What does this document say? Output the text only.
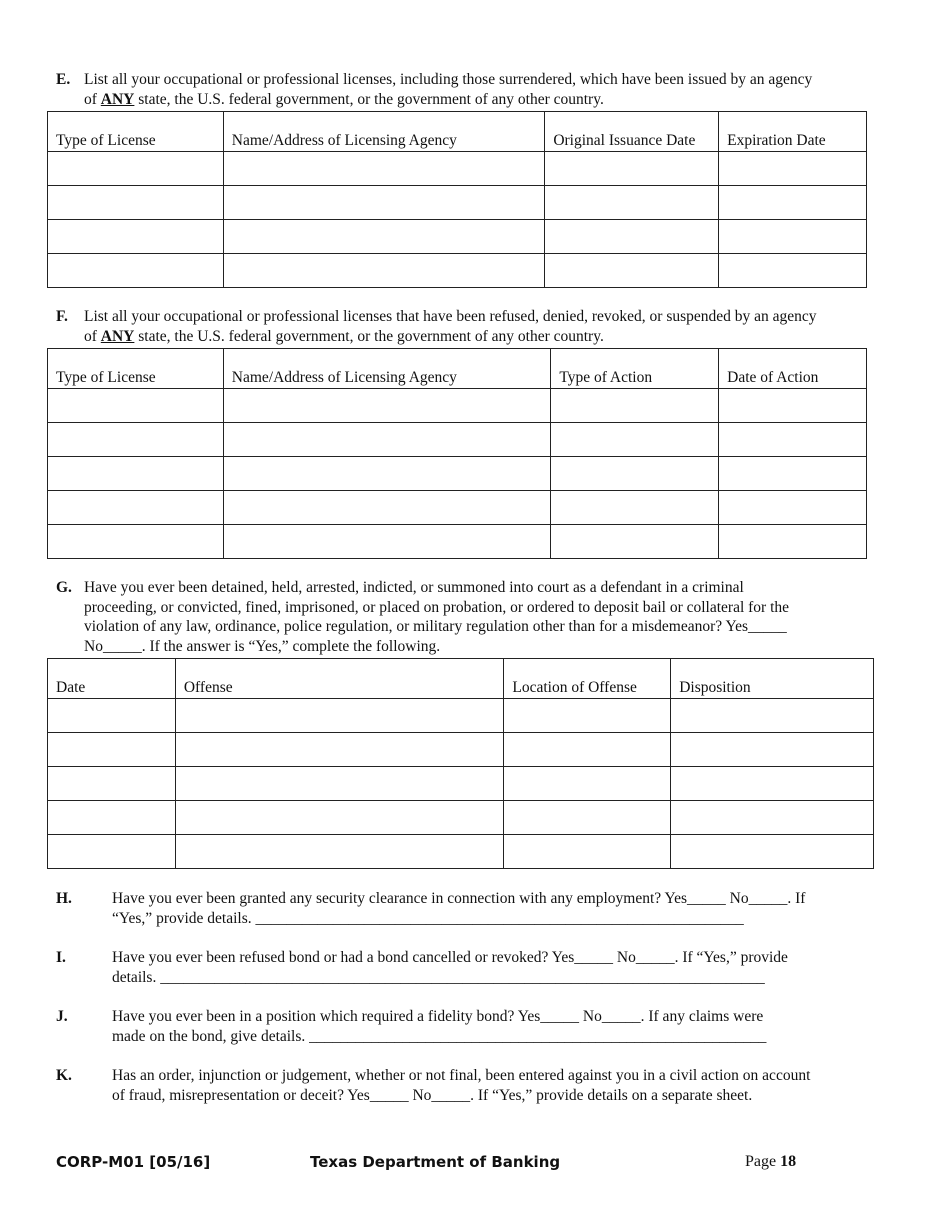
E. List all your occupational or professional licenses, including those surrendered, which have been issued by an agency
of ANY state, the U.S. federal government, or the government of any other country.
Type of License	Name/Address of Licensing Agency	Original Issuance Date	Expiration Date

F. List all your occupational or professional licenses that have been refused, denied, revoked, or suspended by an agency
of ANY state, the U.S. federal government, or the government of any other country.
Type of License	Name/Address of Licensing Agency	Type of Action	Date of Action

G. Have you ever been detained, held, arrested, indicted, or summoned into court as a defendant in a criminal
proceeding, or convicted, fined, imprisoned, or placed on probation, or ordered to deposit bail or collateral for the
violation of any law, ordinance, police regulation, or military regulation other than for a misdemeanor? Yes_____
No_____. If the answer is “Yes,” complete the following.
Date	Offense	Location of Offense	Disposition

H.	Have you ever been granted any security clearance in connection with any employment? Yes_____ No_____. If
“Yes,” provide details. _______________________________________________________________
I.	Have you ever been refused bond or had a bond cancelled or revoked? Yes_____ No_____. If “Yes,” provide
details. ______________________________________________________________________________
J.	Have you ever been in a position which required a fidelity bond? Yes_____ No_____. If any claims were
made on the bond, give details. ___________________________________________________________
K.	Has an order, injunction or judgement, whether or not final, been entered against you in a civil action on account
of fraud, misrepresentation or deceit? Yes_____ No_____. If “Yes,” provide details on a separate sheet.
CORP-M01 [05/16]	Texas Department of Banking	Page 18
